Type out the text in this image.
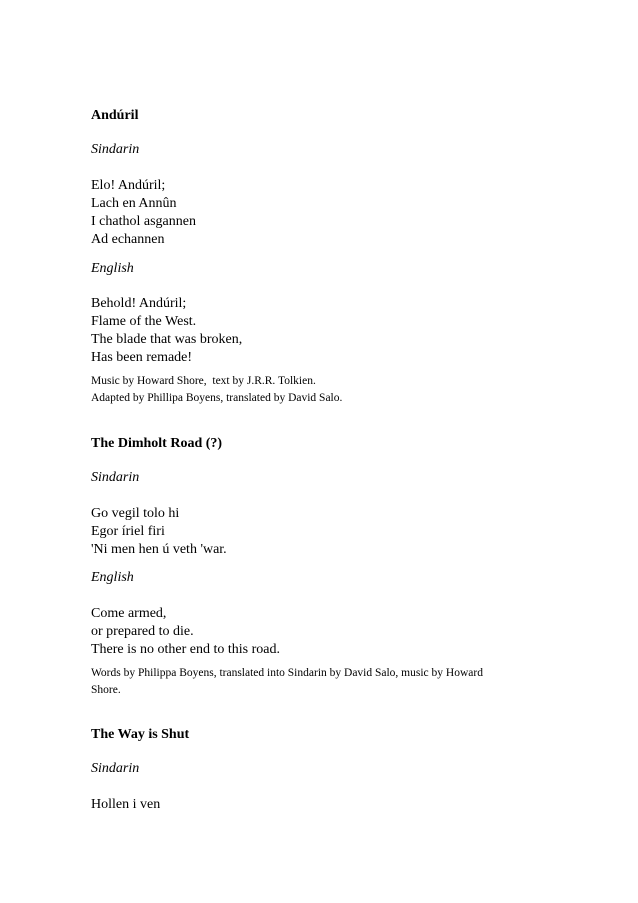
Andúril

Sindarin

Elo! Andúril;
Lach en Annûn
I chathol asgannen
Ad echannen

English

Behold! Andúril;
Flame of the West.
The blade that was broken,
Has been remade!
Music by Howard Shore,  text by J.R.R. Tolkien.
Adapted by Phillipa Boyens, translated by David Salo.

The Dimholt Road (?)

Sindarin

Go vegil tolo hi
Egor íriel firi
'Ni men hen ú veth 'war.

English

Come armed,
or prepared to die.
There is no other end to this road.
Words by Philippa Boyens, translated into Sindarin by David Salo, music by Howard
Shore.

The Way is Shut

Sindarin

Hollen i ven
